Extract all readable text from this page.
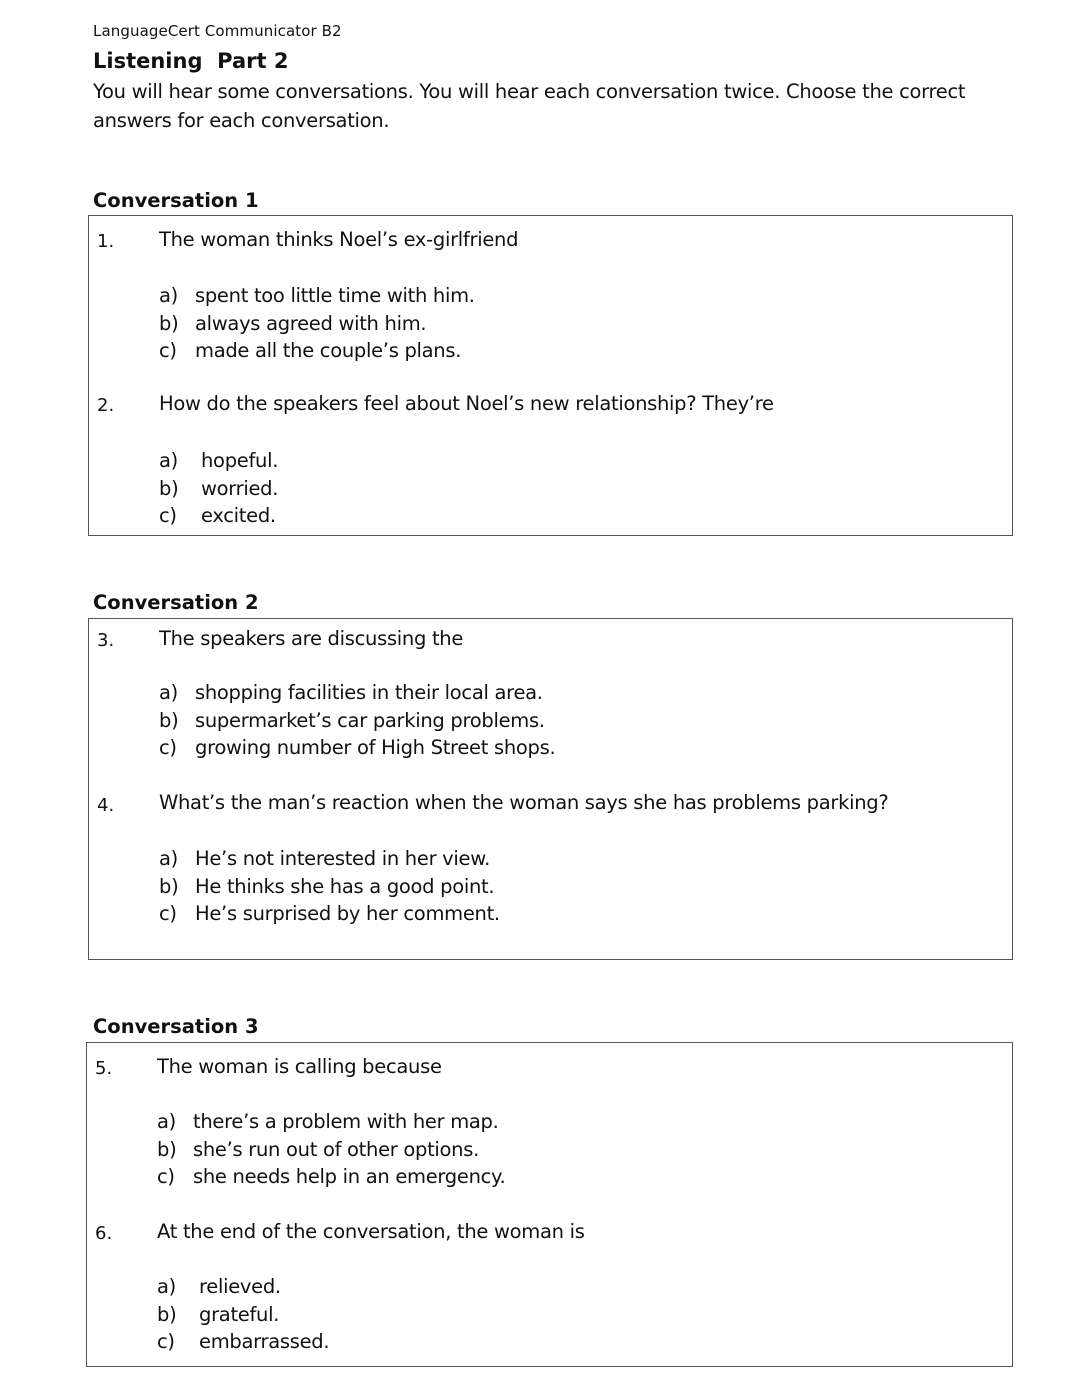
LanguageCert Communicator B2
Listening  Part 2
You will hear some conversations. You will hear each conversation twice. Choose the correct answers for each conversation.
Conversation 1
1. The woman thinks Noel’s ex-girlfriend
a) spent too little time with him.
b) always agreed with him.
c) made all the couple’s plans.
2. How do the speakers feel about Noel’s new relationship? They’re
a)	hopeful.
b)	worried.
c)	excited.
Conversation 2
3. The speakers are discussing the
a) shopping facilities in their local area.
b) supermarket’s car parking problems.
c) growing number of High Street shops.
4. What’s the man’s reaction when the woman says she has problems parking?
a) He’s not interested in her view.
b) He thinks she has a good point.
c) He’s surprised by her comment.
Conversation 3
5. The woman is calling because
a) there’s a problem with her map.
b) she’s run out of other options.
c) she needs help in an emergency.
6. At the end of the conversation, the woman is
a)	relieved.
b)	grateful.
c)	embarrassed.
